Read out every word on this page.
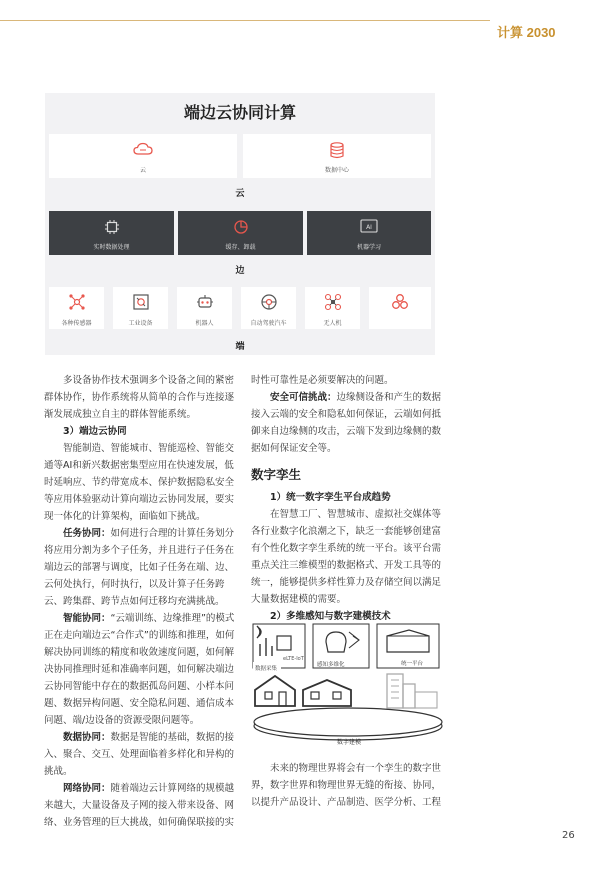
计算 2030
端边云协同计算
云	数据中心
云
实时数据处理	缓存、卸载
AI
机器学习
边
各种传感器	工业设备	机器人	自动驾驶汽车	无人机
端

多设备协作技术强调多个设备之间的紧密群体协作，协作系统将从简单的合作与连接逐渐发展成独立自主的群体智能系统。

3）端边云协同

智能制造、智能城市、智能巡检、智能交通等AI和新兴数据密集型应用在快速发展，低时延响应、节约带宽成本、保护数据隐私安全等应用体验驱动计算向端边云协同发展，要实现一体化的计算架构，面临如下挑战。

任务协同：如何进行合理的计算任务划分将应用分割为多个子任务，并且进行子任务在端边云的部署与调度，比如子任务在端、边、云何处执行，何时执行，以及计算子任务跨云、跨集群、跨节点如何迁移均充满挑战。

智能协同：“云端训练、边缘推理”的模式正在走向端边云“合作式”的训练和推理，如何解决协同训练的精度和收敛速度问题，如何解决协同推理时延和准确率问题，如何解决端边云协同智能中存在的数据孤岛问题、小样本问题、数据异构问题、安全隐私问题、通信成本问题、端/边设备的资源受限问题等。

数据协同：数据是智能的基础，数据的接入、聚合、交互、处理面临着多样化和异构的挑战。

网络协同：随着端边云计算网络的规模越来越大，大量设备及子网的接入带来设备、网络、业务管理的巨大挑战，如何确保联接的实

时性可靠性是必须要解决的问题。

安全可信挑战：边缘侧设备和产生的数据接入云端的安全和隐私如何保证，云端如何抵御来自边缘侧的攻击，云端下发到边缘侧的数据如何保证安全等。

数字孪生

1）统一数字孪生平台成趋势

在智慧工厂、智慧城市、虚拟社交媒体等各行业数字化浪潮之下，缺乏一套能够创建富有个性化数字孪生系统的统一平台。该平台需重点关注三维模型的数据格式、开发工具等的统一，能够提供多样性算力及存储空间以满足大量数据建模的需要。

2）多维感知与数字建模技术

eLTE-IoT
数据采集
感知多维化	统一平台
数字建模

未来的物理世界将会有一个孪生的数字世界，数字世界和物理世界无缝的衔接、协同，以提升产品设计、产品制造、医学分析、工程

26
